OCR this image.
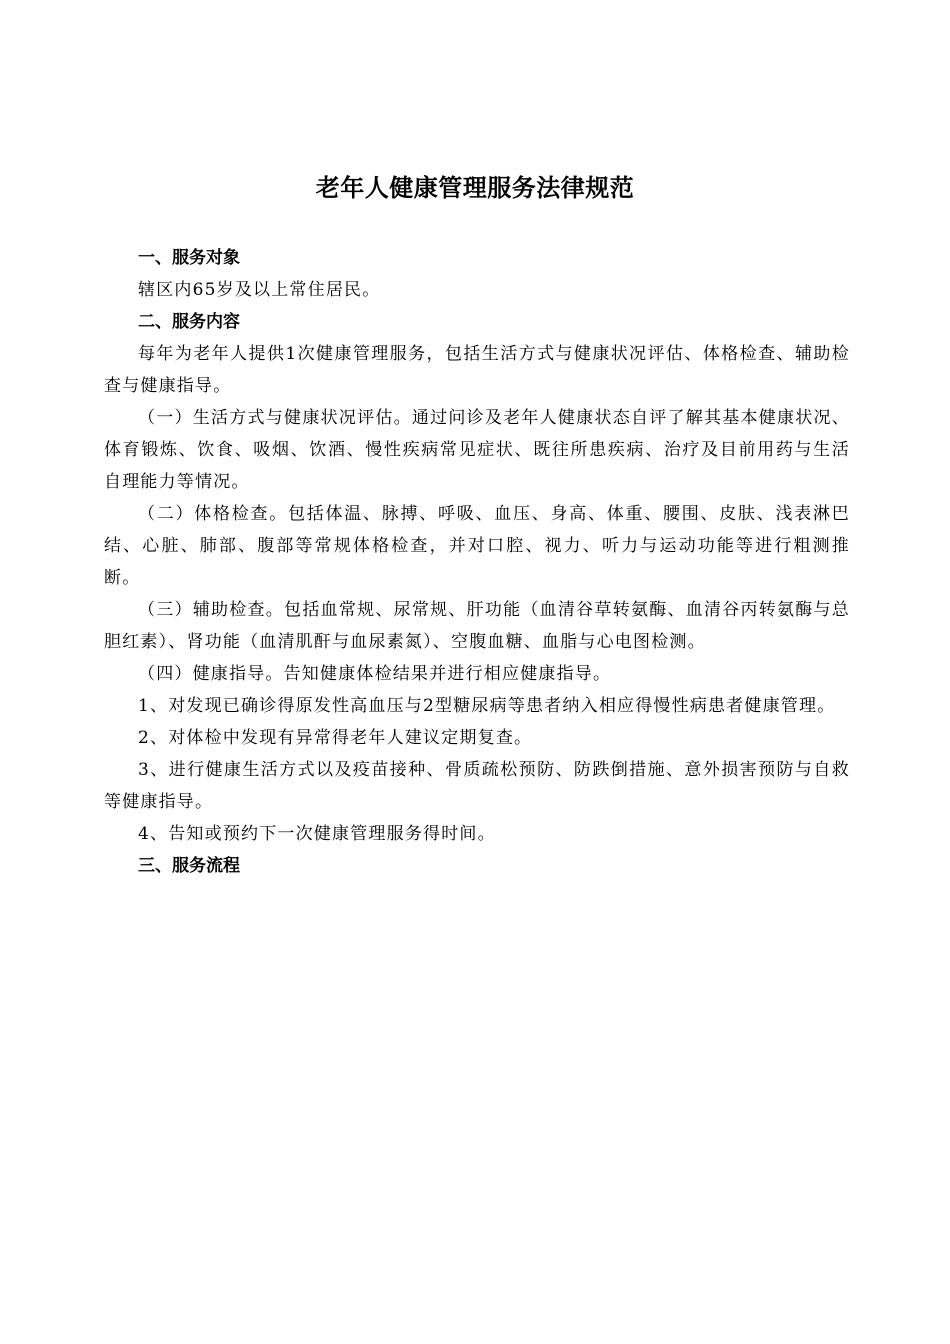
老年人健康管理服务法律规范

一、服务对象

辖区内65岁及以上常住居民。

二、服务内容

每年为老年人提供1次健康管理服务，包括生活方式与健康状况评估、体格检查、辅助检查与健康指导。

（一）生活方式与健康状况评估。通过问诊及老年人健康状态自评了解其基本健康状况、体育锻炼、饮食、吸烟、饮酒、慢性疾病常见症状、既往所患疾病、治疗及目前用药与生活自理能力等情况。

（二）体格检查。包括体温、脉搏、呼吸、血压、身高、体重、腰围、皮肤、浅表淋巴结、心脏、肺部、腹部等常规体格检查，并对口腔、视力、听力与运动功能等进行粗测推断。

（三）辅助检查。包括血常规、尿常规、肝功能（血清谷草转氨酶、血清谷丙转氨酶与总胆红素）、肾功能（血清肌酐与血尿素氮）、空腹血糖、血脂与心电图检测。

（四）健康指导。告知健康体检结果并进行相应健康指导。

1、对发现已确诊得原发性高血压与2型糖尿病等患者纳入相应得慢性病患者健康管理。

2、对体检中发现有异常得老年人建议定期复查。

3、进行健康生活方式以及疫苗接种、骨质疏松预防、防跌倒措施、意外损害预防与自救等健康指导。

4、告知或预约下一次健康管理服务得时间。

三、服务流程
